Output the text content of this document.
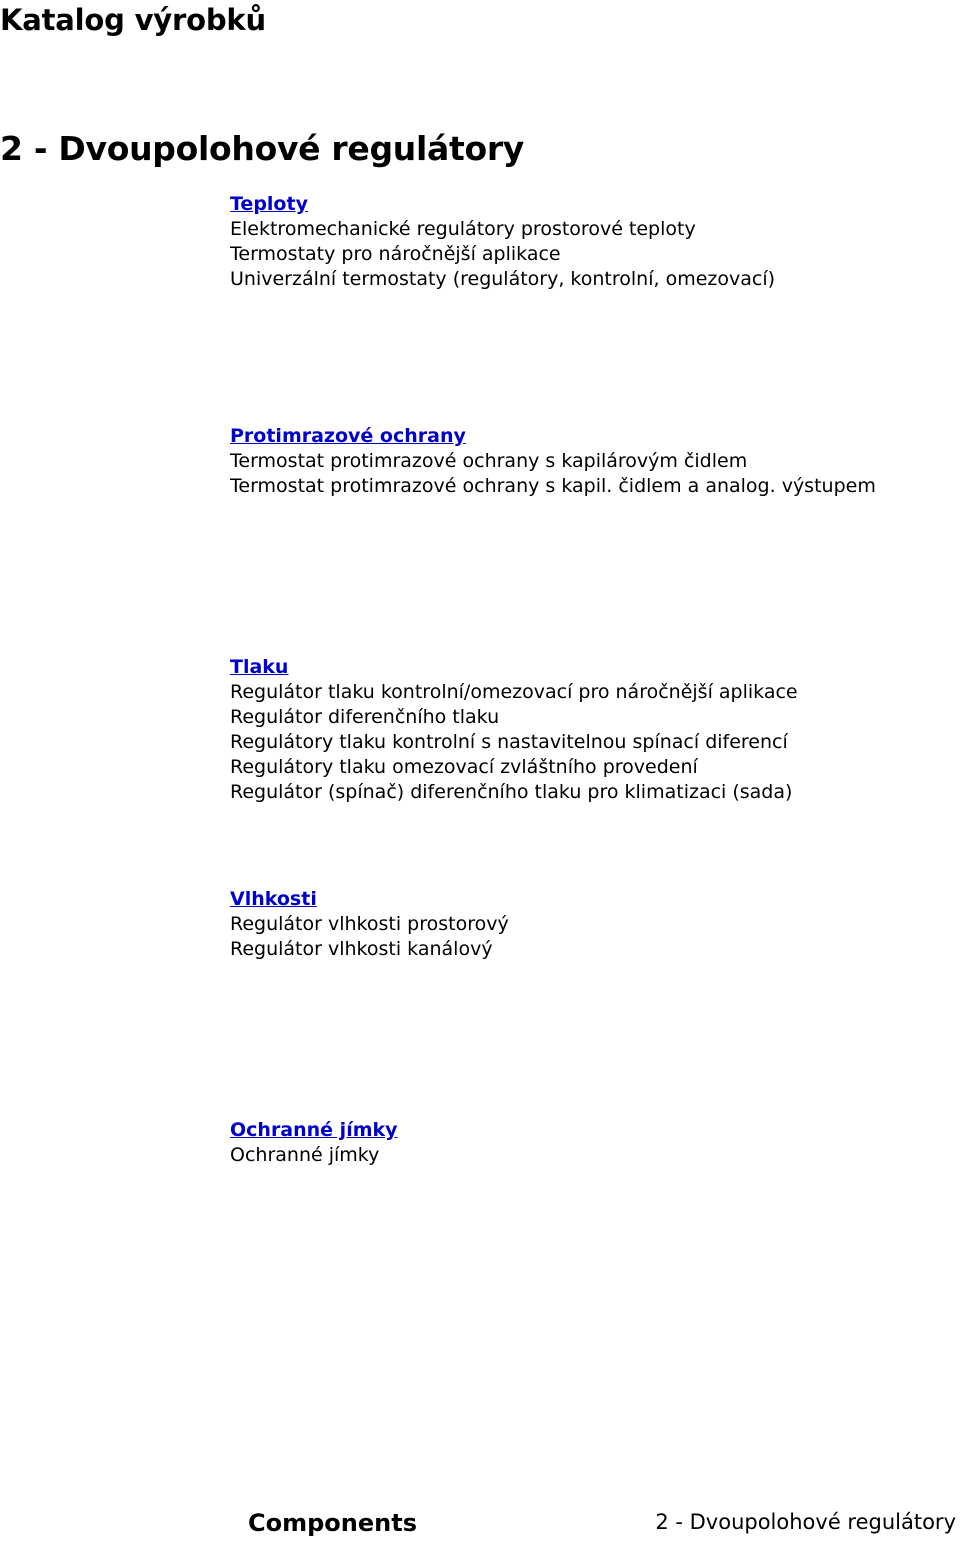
Katalog výrobků
2 - Dvoupolohové regulátory
Teploty
Elektromechanické regulátory prostorové teploty
Termostaty pro náročnější aplikace
Univerzální termostaty (regulátory, kontrolní, omezovací)
Protimrazové ochrany
Termostat protimrazové ochrany s kapilárovým čidlem
Termostat protimrazové ochrany s kapil. čidlem a analog. výstupem
Tlaku
Regulátor tlaku kontrolní/omezovací pro náročnější aplikace
Regulátor diferenčního tlaku
Regulátory tlaku kontrolní s nastavitelnou spínací diferencí
Regulátory tlaku omezovací zvláštního provedení
Regulátor (spínač) diferenčního tlaku pro klimatizaci (sada)
Vlhkosti
Regulátor vlhkosti prostorový
Regulátor vlhkosti kanálový
Ochranné jímky
Ochranné jímky
Components	2 - Dvoupolohové regulátory
